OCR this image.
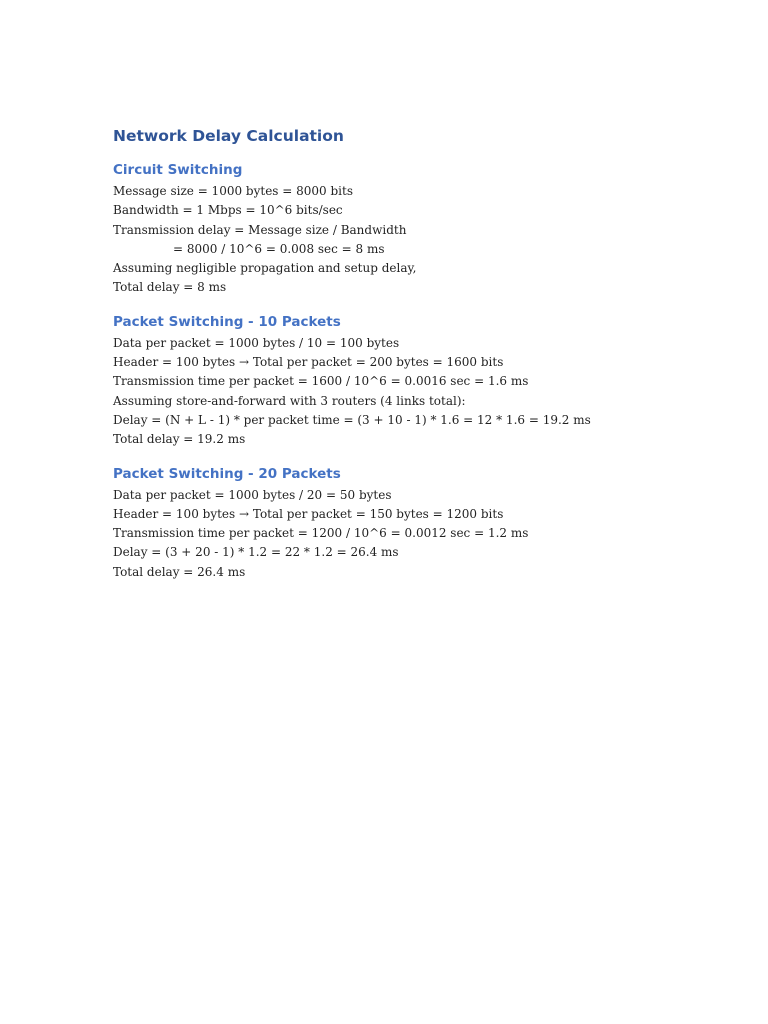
Network Delay Calculation
Circuit Switching
Message size = 1000 bytes = 8000 bits
Bandwidth = 1 Mbps = 10^6 bits/sec
Transmission delay = Message size / Bandwidth
= 8000 / 10^6 = 0.008 sec = 8 ms
Assuming negligible propagation and setup delay,
Total delay = 8 ms
Packet Switching - 10 Packets
Data per packet = 1000 bytes / 10 = 100 bytes
Header = 100 bytes → Total per packet = 200 bytes = 1600 bits
Transmission time per packet = 1600 / 10^6 = 0.0016 sec = 1.6 ms
Assuming store-and-forward with 3 routers (4 links total):
Delay = (N + L - 1) * per packet time = (3 + 10 - 1) * 1.6 = 12 * 1.6 = 19.2 ms
Total delay = 19.2 ms
Packet Switching - 20 Packets
Data per packet = 1000 bytes / 20 = 50 bytes
Header = 100 bytes → Total per packet = 150 bytes = 1200 bits
Transmission time per packet = 1200 / 10^6 = 0.0012 sec = 1.2 ms
Delay = (3 + 20 - 1) * 1.2 = 22 * 1.2 = 26.4 ms
Total delay = 26.4 ms
